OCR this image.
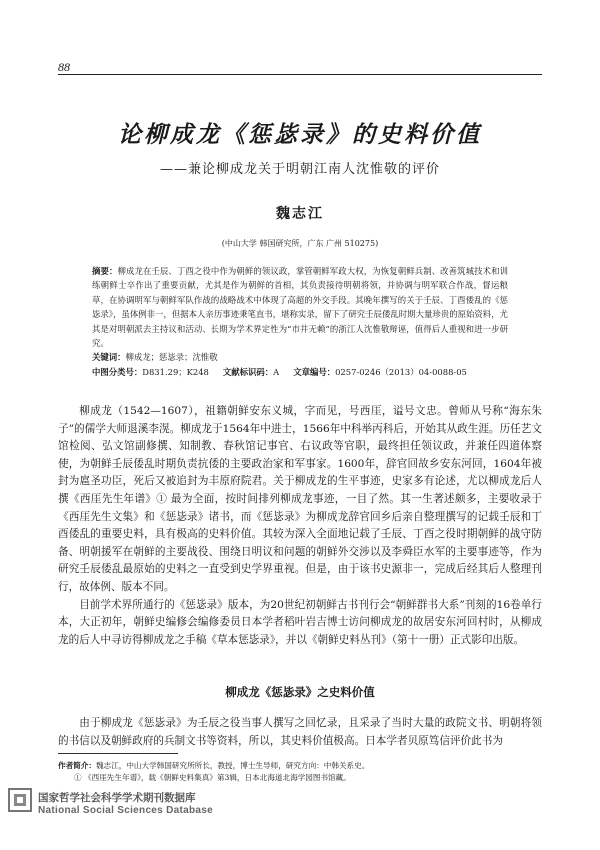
88
论柳成龙《惩毖录》的史料价值
——兼论柳成龙关于明朝江南人沈惟敬的评价
魏志江
(中山大学 韩国研究所，广东 广州 510275)
摘要：柳成龙在壬辰、丁酉之役中作为朝鲜的领议政，掌管朝鲜军政大权，为恢复朝鲜兵制、改善筑城技术和训练朝鲜士卒作出了重要贡献，尤其是作为朝鲜的首相，其负责接待明朝将领，并协调与明军联合作战，督运粮草，在协调明军与朝鲜军队作战的战略战术中体现了高超的外交手段。其晚年撰写的关于壬辰、丁酉倭乱的《惩毖录》，虽体例非一，但据本人亲历事迹秉笔直书，堪称实录，留下了研究壬辰倭乱时期大量珍贵的原始资料，尤其是对明朝派去主持议和活动、长期为学术界定性为“市井无赖”的浙江人沈惟敬辩诬，值得后人重视和进一步研究。
关键词：柳成龙；惩毖录；沈惟敬
中图分类号：D831.29；K248 文献标识码：A 文章编号：0257-0246（2013）04-0088-05

柳成龙（1542—1607），祖籍朝鲜安东义城，字而见，号西厓，谥号文忠。曾师从号称“海东朱子”的儒学大师退溪李滉。柳成龙于1564年中进士，1566年中科举丙科后，开始其从政生涯。历任艺文馆检阅、弘文馆副修撰、知制教、春秋馆记事官、右议政等官职，最终担任领议政，并兼任四道体察使，为朝鲜壬辰倭乱时期负责抗倭的主要政治家和军事家。1600年，辞官回故乡安东河回，1604年被封为扈圣功臣，死后又被追封为丰原府院君。关于柳成龙的生平事迹，史家多有论述，尤以柳成龙后人撰《西厓先生年谱》① 最为全面，按时间排列柳成龙事迹，一目了然。其一生著述颇多，主要收录于《西厓先生文集》和《惩毖录》诸书，而《惩毖录》为柳成龙辞官回乡后亲自整理撰写的记载壬辰和丁酉倭乱的重要史料，具有极高的史料价值。其较为深入全面地记载了壬辰、丁酉之役时期朝鲜的战守防备、明朝援军在朝鲜的主要战役、围绕日明议和问题的朝鲜外交涉以及李舜臣水军的主要事迹等，作为研究壬辰倭乱最原始的史料之一直受到史学界重视。但是，由于该书史源非一，完成后经其后人整理刊行，故体例、版本不同。

目前学术界所通行的《惩毖录》版本，为20世纪初朝鲜古书刊行会“朝鲜群书大系”刊刻的16卷单行本，大正初年，朝鲜史编修会编修委员日本学者稻叶岩吉博士访问柳成龙的故居安东河回村时，从柳成龙的后人中寻访得柳成龙之手稿《草本惩毖录》，并以《朝鲜史料丛刊》（第十一册）正式影印出版。

柳成龙《惩毖录》之史料价值

由于柳成龙《惩毖录》为壬辰之役当事人撰写之回忆录，且采录了当时大量的政院文书、明朝将领的书信以及朝鲜政府的兵制文书等资料，所以，其史料价值极高。日本学者贝原笃信评价此书为

作者简介：魏志江，中山大学韩国研究所所长，教授，博士生导师，研究方向：中韩关系史。
① 《西厓先生年谱》，载《朝鲜史料集真》第3辑，日本北海道北海学园图书馆藏。
国家哲学社会科学学术期刊数据库
National Social Sciences Database
